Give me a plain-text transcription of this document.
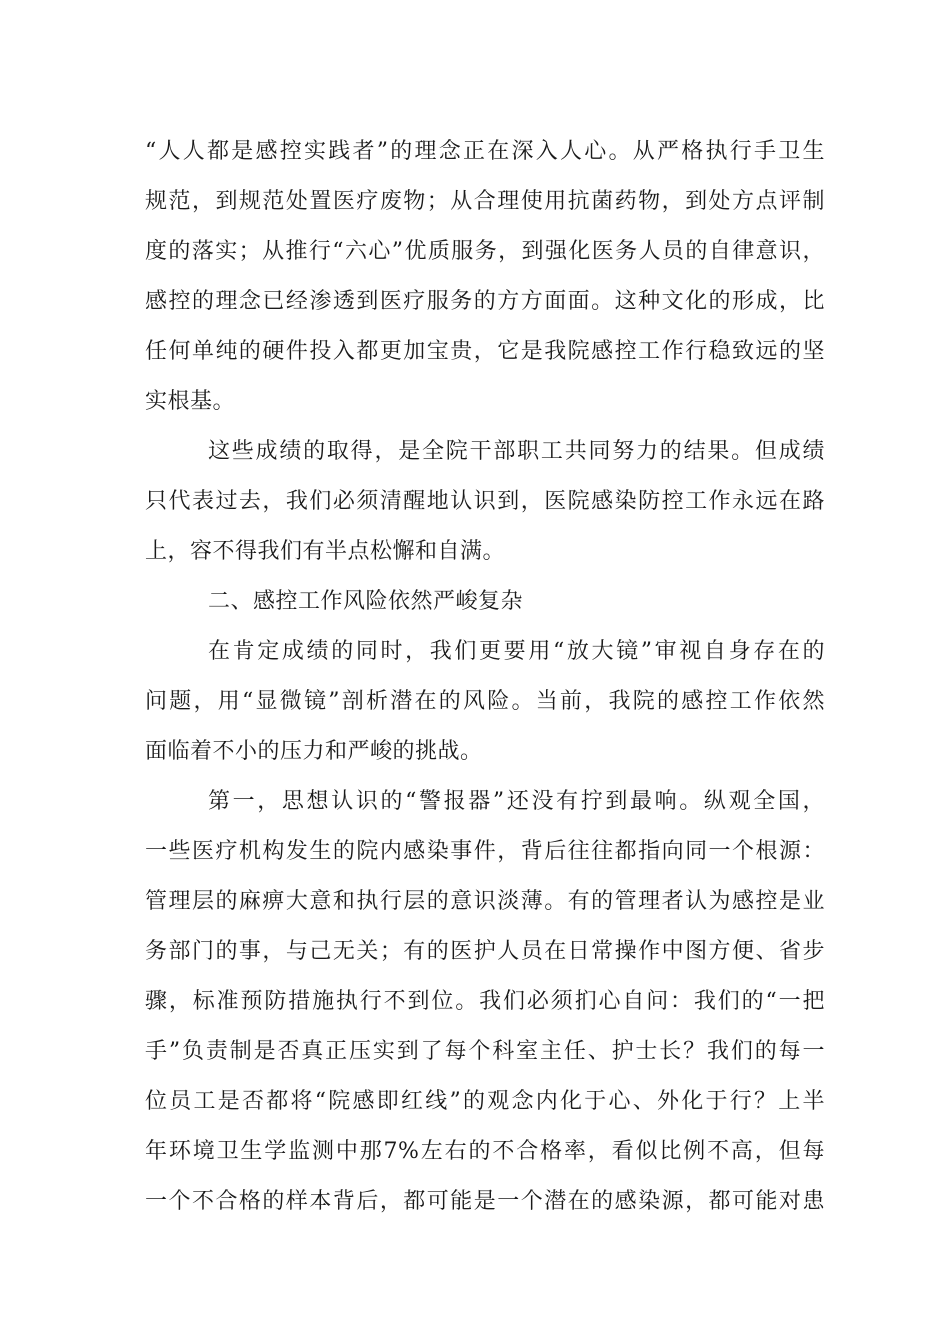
“人人都是感控实践者”的理念正在深入人心。从严格执行手卫生
规范，到规范处置医疗废物；从合理使用抗菌药物，到处方点评制
度的落实；从推行“六心”优质服务，到强化医务人员的自律意识，
感控的理念已经渗透到医疗服务的方方面面。这种文化的形成，比
任何单纯的硬件投入都更加宝贵，它是我院感控工作行稳致远的坚
实根基。
这些成绩的取得，是全院干部职工共同努力的结果。但成绩
只代表过去，我们必须清醒地认识到，医院感染防控工作永远在路
上，容不得我们有半点松懈和自满。
二、感控工作风险依然严峻复杂
在肯定成绩的同时，我们更要用“放大镜”审视自身存在的
问题，用“显微镜”剖析潜在的风险。当前，我院的感控工作依然
面临着不小的压力和严峻的挑战。
第一，思想认识的“警报器”还没有拧到最响。纵观全国，
一些医疗机构发生的院内感染事件，背后往往都指向同一个根源：
管理层的麻痹大意和执行层的意识淡薄。有的管理者认为感控是业
务部门的事，与己无关；有的医护人员在日常操作中图方便、省步
骤，标准预防措施执行不到位。我们必须扪心自问：我们的“一把
手”负责制是否真正压实到了每个科室主任、护士长？我们的每一
位员工是否都将“院感即红线”的观念内化于心、外化于行？上半
年环境卫生学监测中那7%左右的不合格率，看似比例不高，但每
一个不合格的样本背后，都可能是一个潜在的感染源，都可能对患
